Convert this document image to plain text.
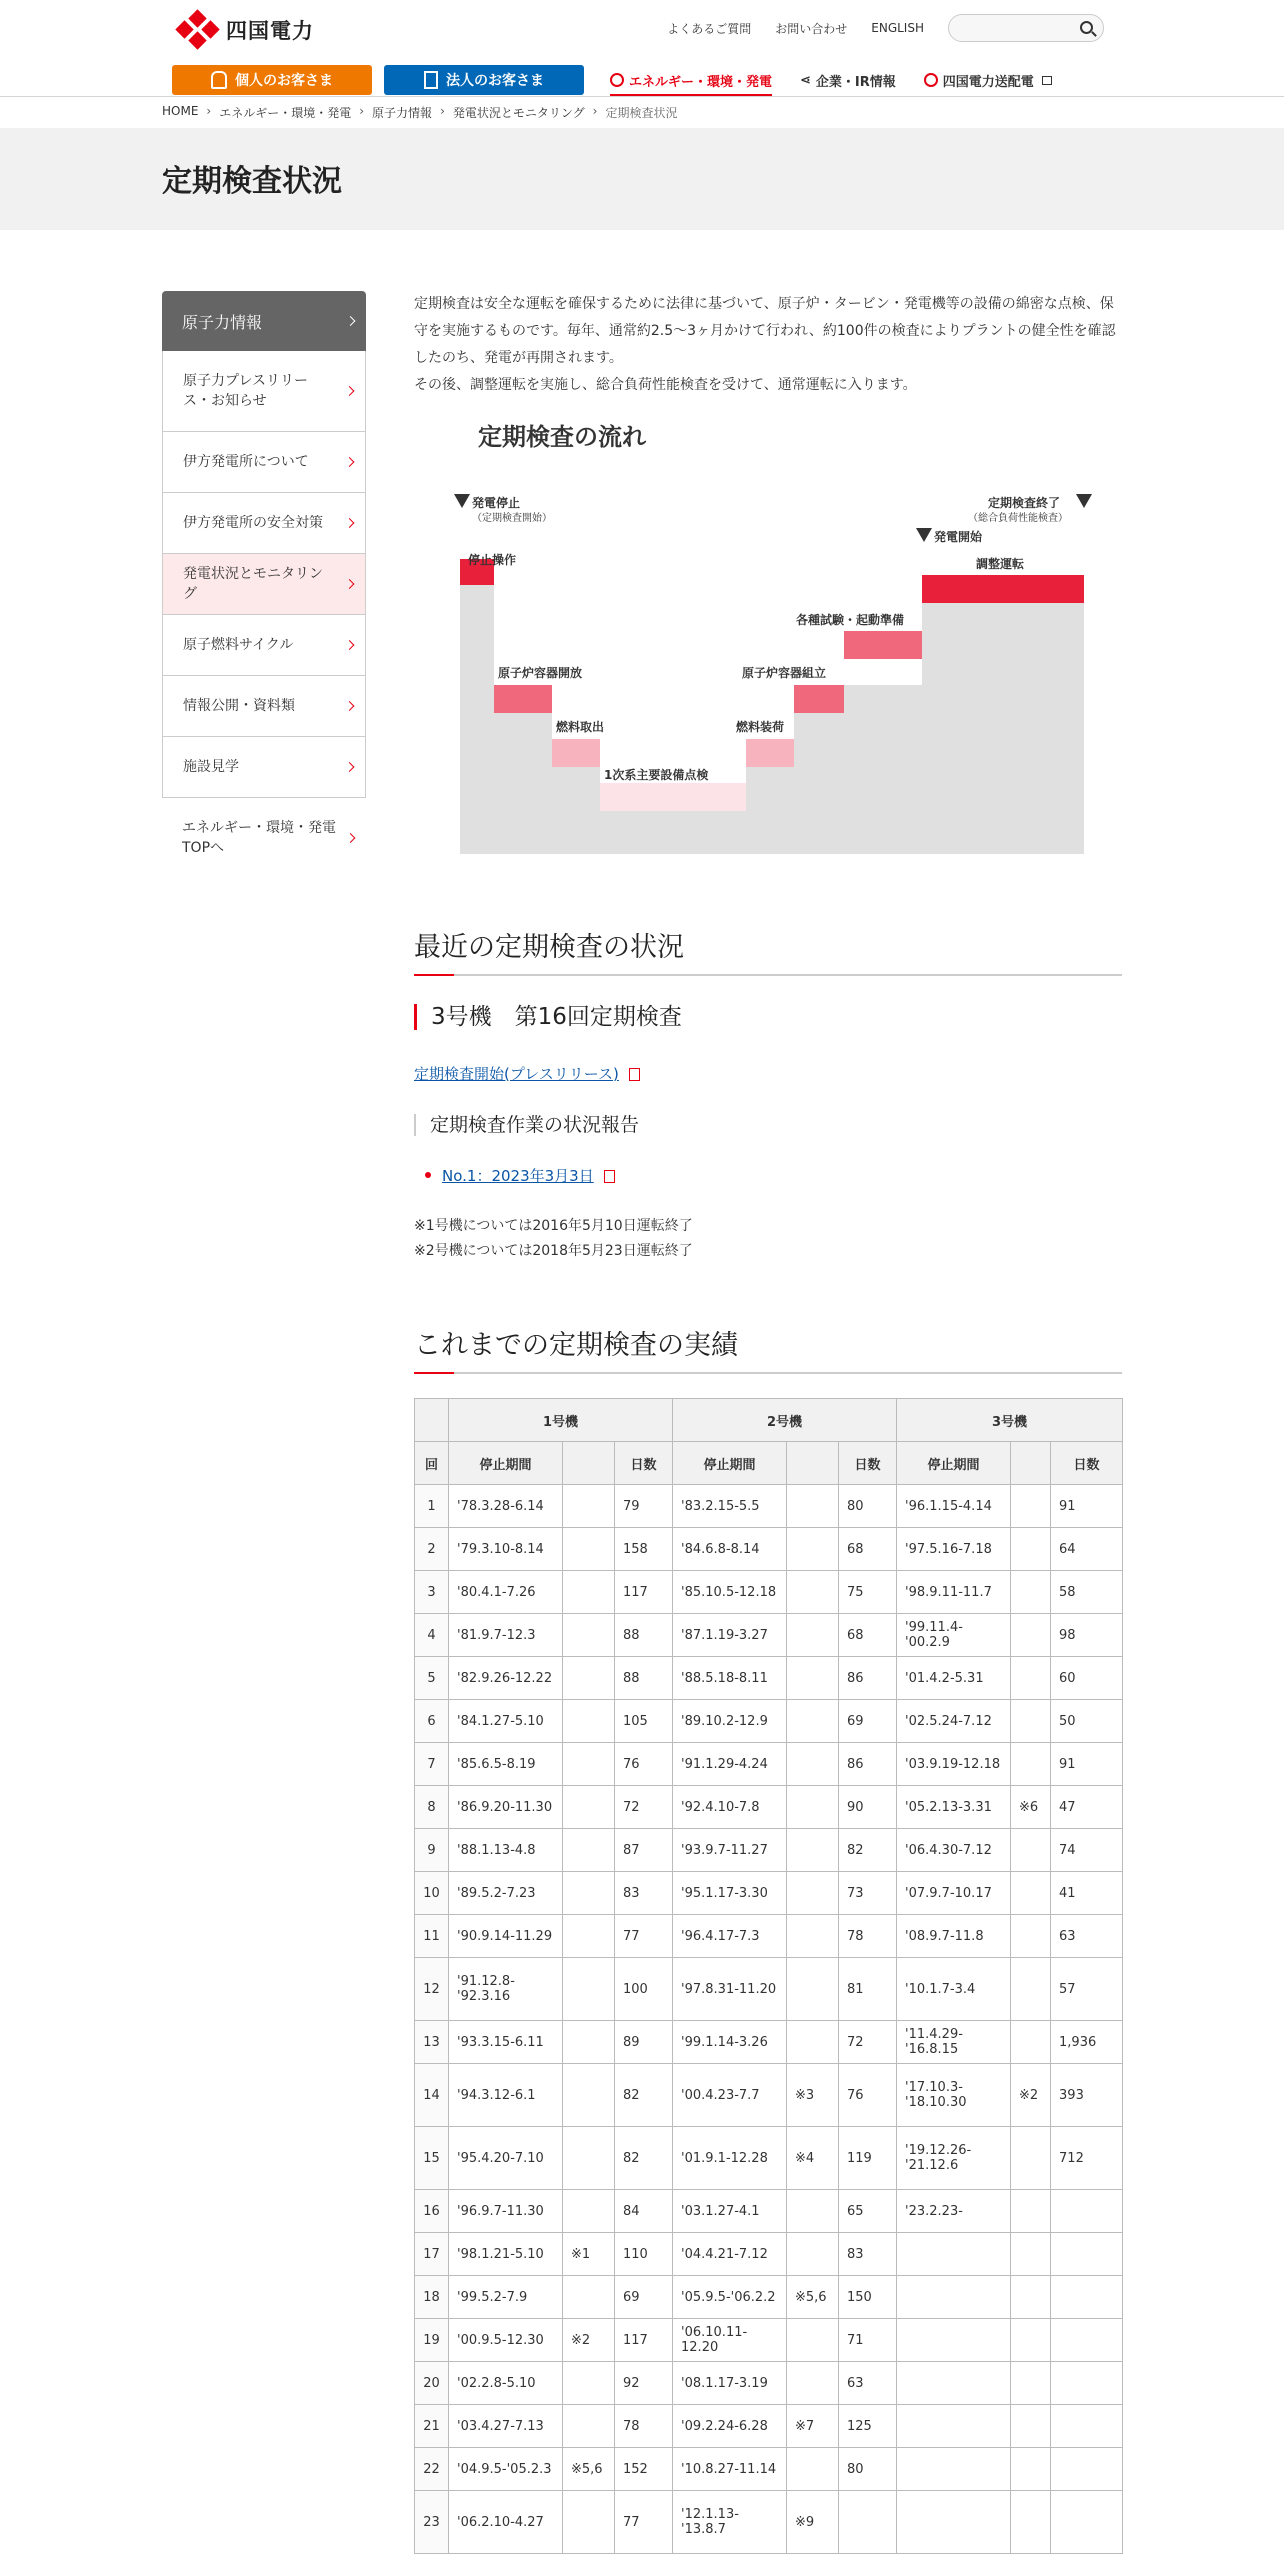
四国電力	よくあるご質問 お問い合わせ ENGLISH
個人のお客さま	法人のお客さま	エネルギー・環境・発電 ⋖ 企業・IR情報	四国電力送配電
HOME › エネルギー・環境・発電 › 原子力情報 › 発電状況とモニタリング › 定期検査状況
定期検査状況
原子力情報
原子力プレスリリース・お知らせ
伊方発電所について
伊方発電所の安全対策
発電状況とモニタリング
原子燃料サイクル
情報公開・資料類
施設見学
エネルギー・環境・発電TOPへ

定期検査は安全な運転を確保するために法律に基づいて、原子炉・タービン・発電機等の設備の綿密な点検、保守を実施するものです。毎年、通常約2.5〜3ヶ月かけて行われ、約100件の検査によりプラントの健全性を確認したのち、発電が再開されます。

その後、調整運転を実施し、総合負荷性能検査を受けて、通常運転に入ります。

定期検査の流れ
発電停止
（定期検査開始）
定期検査終了
（総合負荷性能検査）
発電開始
停止操作
原子炉容器開放
燃料取出
1次系主要設備点検
燃料装荷
原子炉容器組立
各種試験・起動準備
調整運転
最近の定期検査の状況
3号機　第16回定期検査
定期検査開始(プレスリリース)
定期検査作業の状況報告
No.1：2023年3月3日
※1号機については2016年5月10日運転終了
※2号機については2018年5月23日運転終了
これまでの定期検査の実績
	1号機			2号機			3号機		
回	停止期間		日数	停止期間		日数	停止期間		日数
1	'78.3.28-6.14		79	'83.2.15-5.5		80	'96.1.15-4.14		91
2	'79.3.10-8.14		158	'84.6.8-8.14		68	'97.5.16-7.18		64
3	'80.4.1-7.26		117	'85.10.5-12.18		75	'98.9.11-11.7		58
4	'81.9.7-12.3		88	'87.1.19-3.27		68	'99.11.4-'00.2.9		98
5	'82.9.26-12.22		88	'88.5.18-8.11		86	'01.4.2-5.31		60
6	'84.1.27-5.10		105	'89.10.2-12.9		69	'02.5.24-7.12		50
7	'85.6.5-8.19		76	'91.1.29-4.24		86	'03.9.19-12.18		91
8	'86.9.20-11.30		72	'92.4.10-7.8		90	'05.2.13-3.31	※6	47
9	'88.1.13-4.8		87	'93.9.7-11.27		82	'06.4.30-7.12		74
10	'89.5.2-7.23		83	'95.1.17-3.30		73	'07.9.7-10.17		41
11	'90.9.14-11.29		77	'96.4.17-7.3		78	'08.9.7-11.8		63
12	'91.12.8-'92.3.16		100	'97.8.31-11.20		81	'10.1.7-3.4		57
13	'93.3.15-6.11		89	'99.1.14-3.26		72	'11.4.29-'16.8.15		1,936
14	'94.3.12-6.1		82	'00.4.23-7.7	※3	76	'17.10.3-'18.10.30	※2	393
15	'95.4.20-7.10		82	'01.9.1-12.28	※4	119	'19.12.26-'21.12.6		712
16	'96.9.7-11.30		84	'03.1.27-4.1		65	'23.2.23-		
17	'98.1.21-5.10	※1	110	'04.4.21-7.12		83			
18	'99.5.2-7.9		69	'05.9.5-'06.2.2	※5,6	150			
19	'00.9.5-12.30	※2	117	'06.10.11-12.20		71			
20	'02.2.8-5.10		92	'08.1.17-3.19		63			
21	'03.4.27-7.13		78	'09.2.24-6.28	※7	125			
22	'04.9.5-'05.2.3	※5,6	152	'10.8.27-11.14		80			
23	'06.2.10-4.27		77	'12.1.13-'13.8.7	※9				
